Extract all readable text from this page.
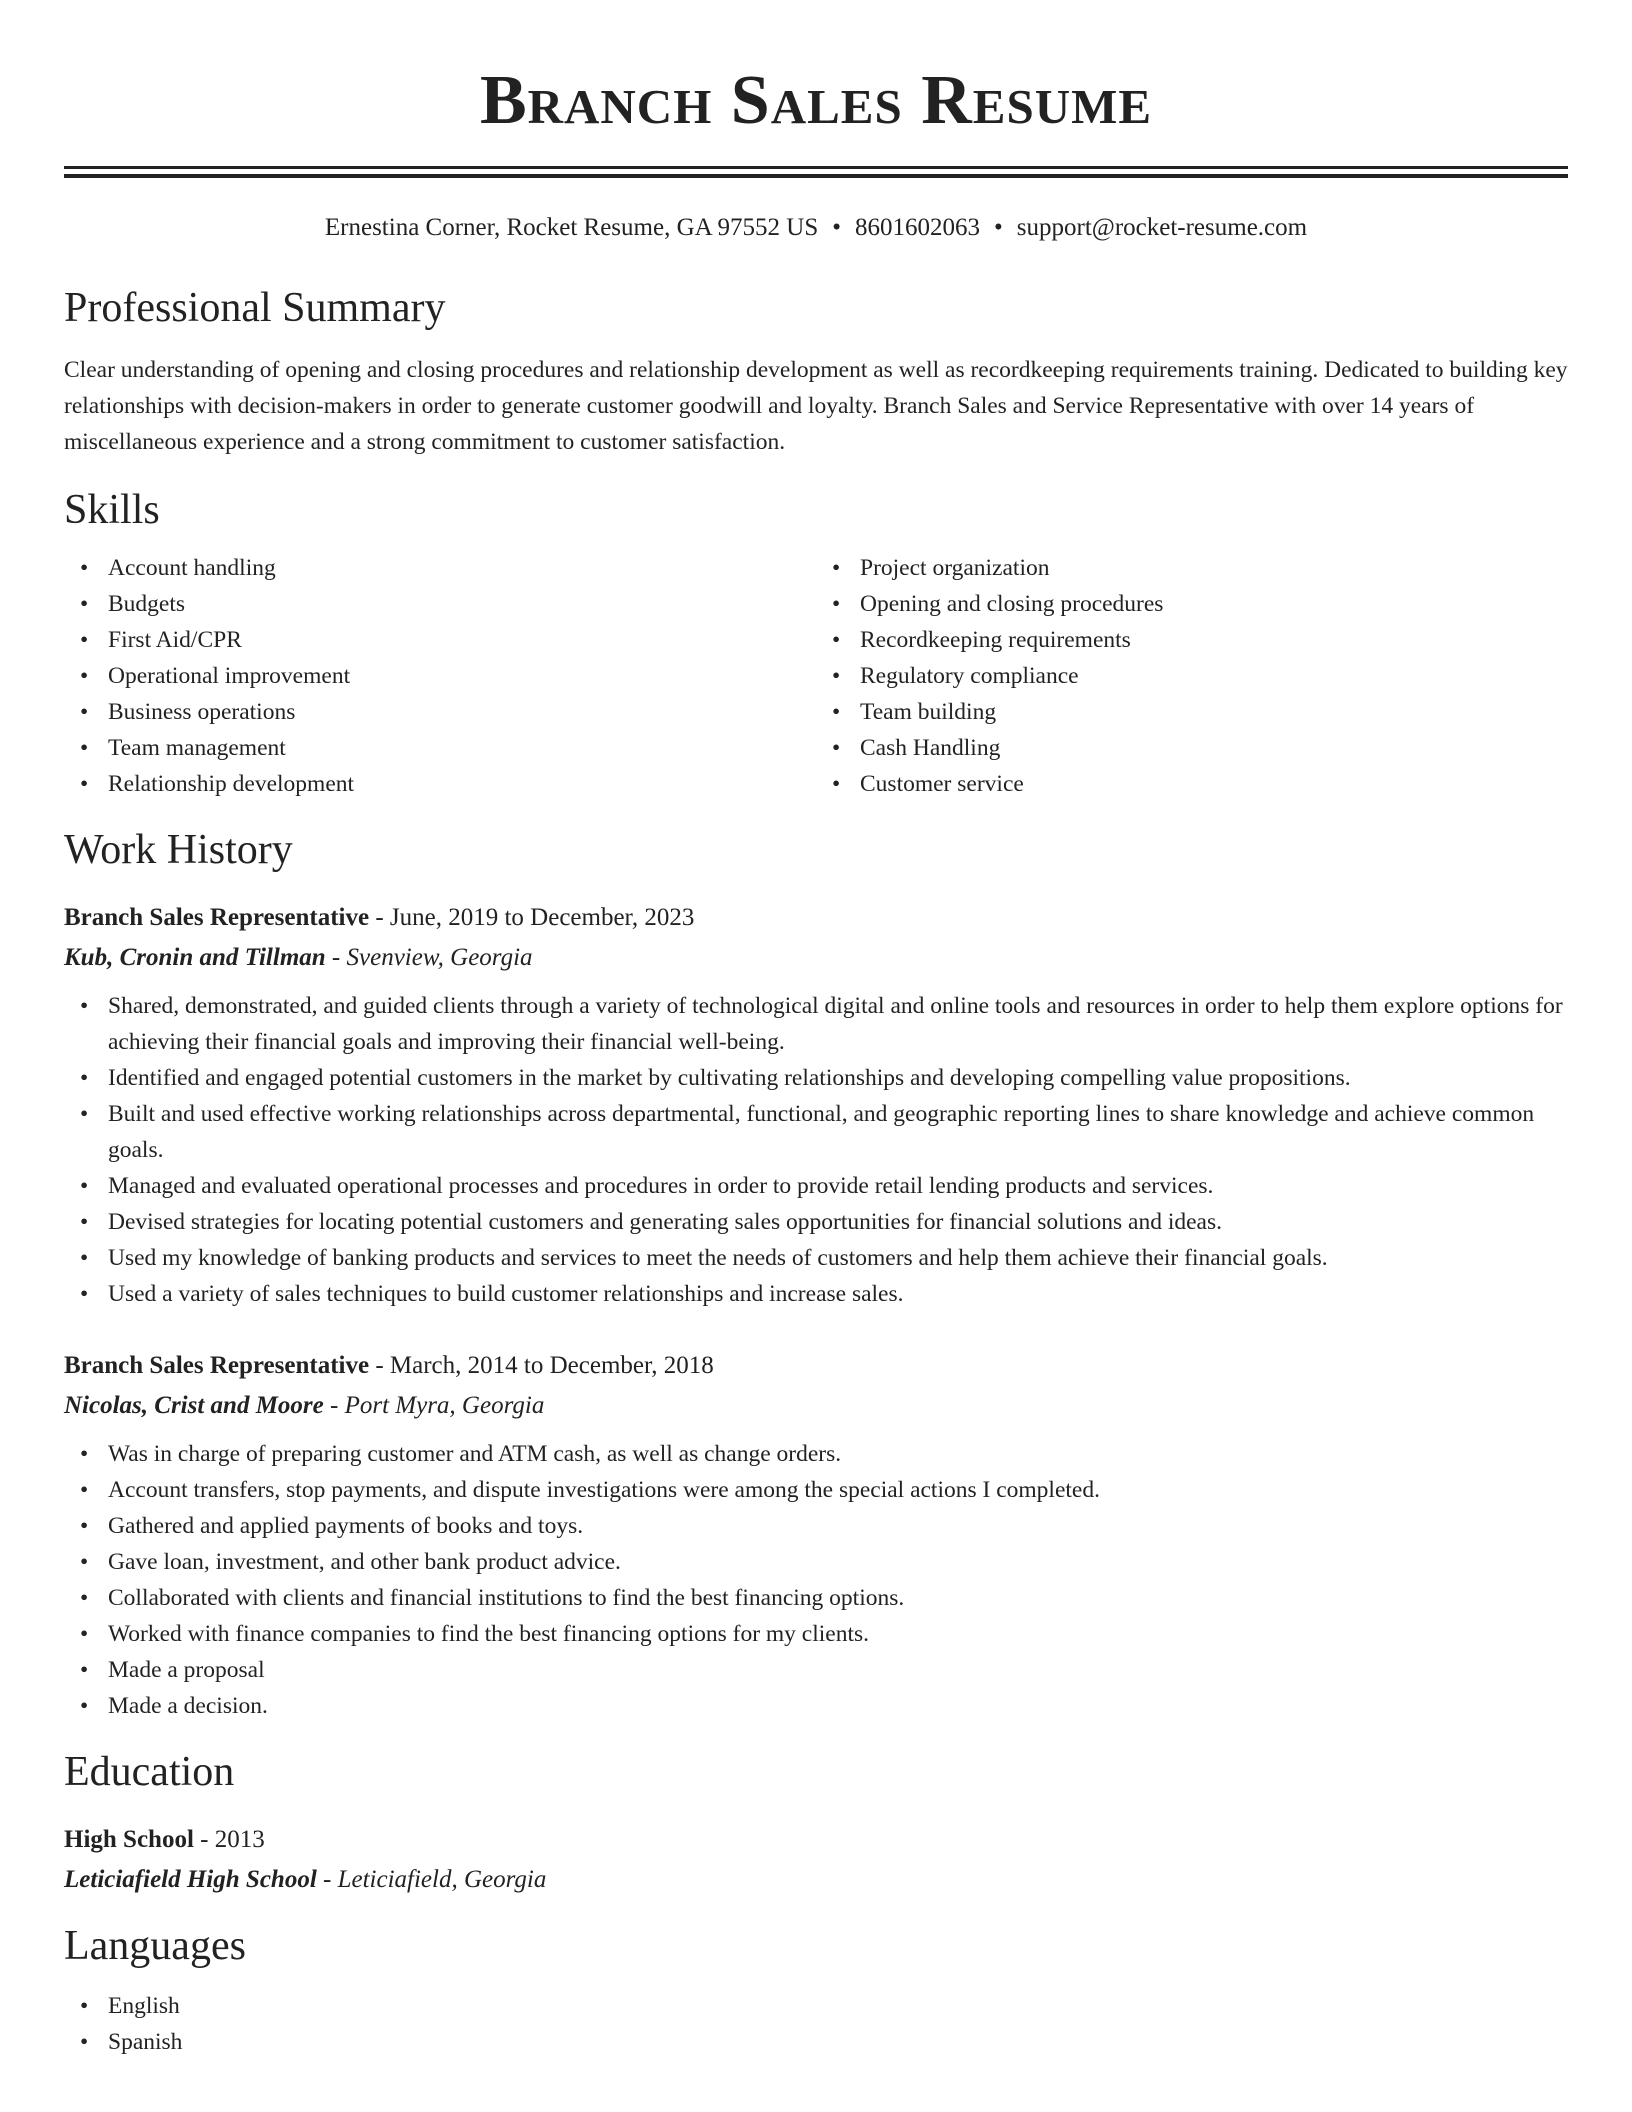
Branch Sales Resume
Ernestina Corner, Rocket Resume, GA 97552 US • 8601602063 • support@rocket-resume.com
Professional Summary

Clear understanding of opening and closing procedures and relationship development as well as recordkeeping requirements training. Dedicated to building key relationships with decision-makers in order to generate customer goodwill and loyalty. Branch Sales and Service Representative with over 14 years of miscellaneous experience and a strong commitment to customer satisfaction.

Skills
• Account handling
• Budgets
• First Aid/CPR
• Operational improvement
• Business operations
• Team management
• Relationship development
• Project organization
• Opening and closing procedures
• Recordkeeping requirements
• Regulatory compliance
• Team building
• Cash Handling
• Customer service
Work History
Branch Sales Representative - June, 2019 to December, 2023
Kub, Cronin and Tillman - Svenview, Georgia
• Shared, demonstrated, and guided clients through a variety of technological digital and online tools and resources in order to help them explore options for achieving their financial goals and improving their financial well-being.
• Identified and engaged potential customers in the market by cultivating relationships and developing compelling value propositions.
• Built and used effective working relationships across departmental, functional, and geographic reporting lines to share knowledge and achieve common goals.
• Managed and evaluated operational processes and procedures in order to provide retail lending products and services.
• Devised strategies for locating potential customers and generating sales opportunities for financial solutions and ideas.
• Used my knowledge of banking products and services to meet the needs of customers and help them achieve their financial goals.
• Used a variety of sales techniques to build customer relationships and increase sales.
Branch Sales Representative - March, 2014 to December, 2018
Nicolas, Crist and Moore - Port Myra, Georgia
• Was in charge of preparing customer and ATM cash, as well as change orders.
• Account transfers, stop payments, and dispute investigations were among the special actions I completed.
• Gathered and applied payments of books and toys.
• Gave loan, investment, and other bank product advice.
• Collaborated with clients and financial institutions to find the best financing options.
• Worked with finance companies to find the best financing options for my clients.
• Made a proposal
• Made a decision.
Education
High School - 2013
Leticiafield High School - Leticiafield, Georgia
Languages
• English
• Spanish
